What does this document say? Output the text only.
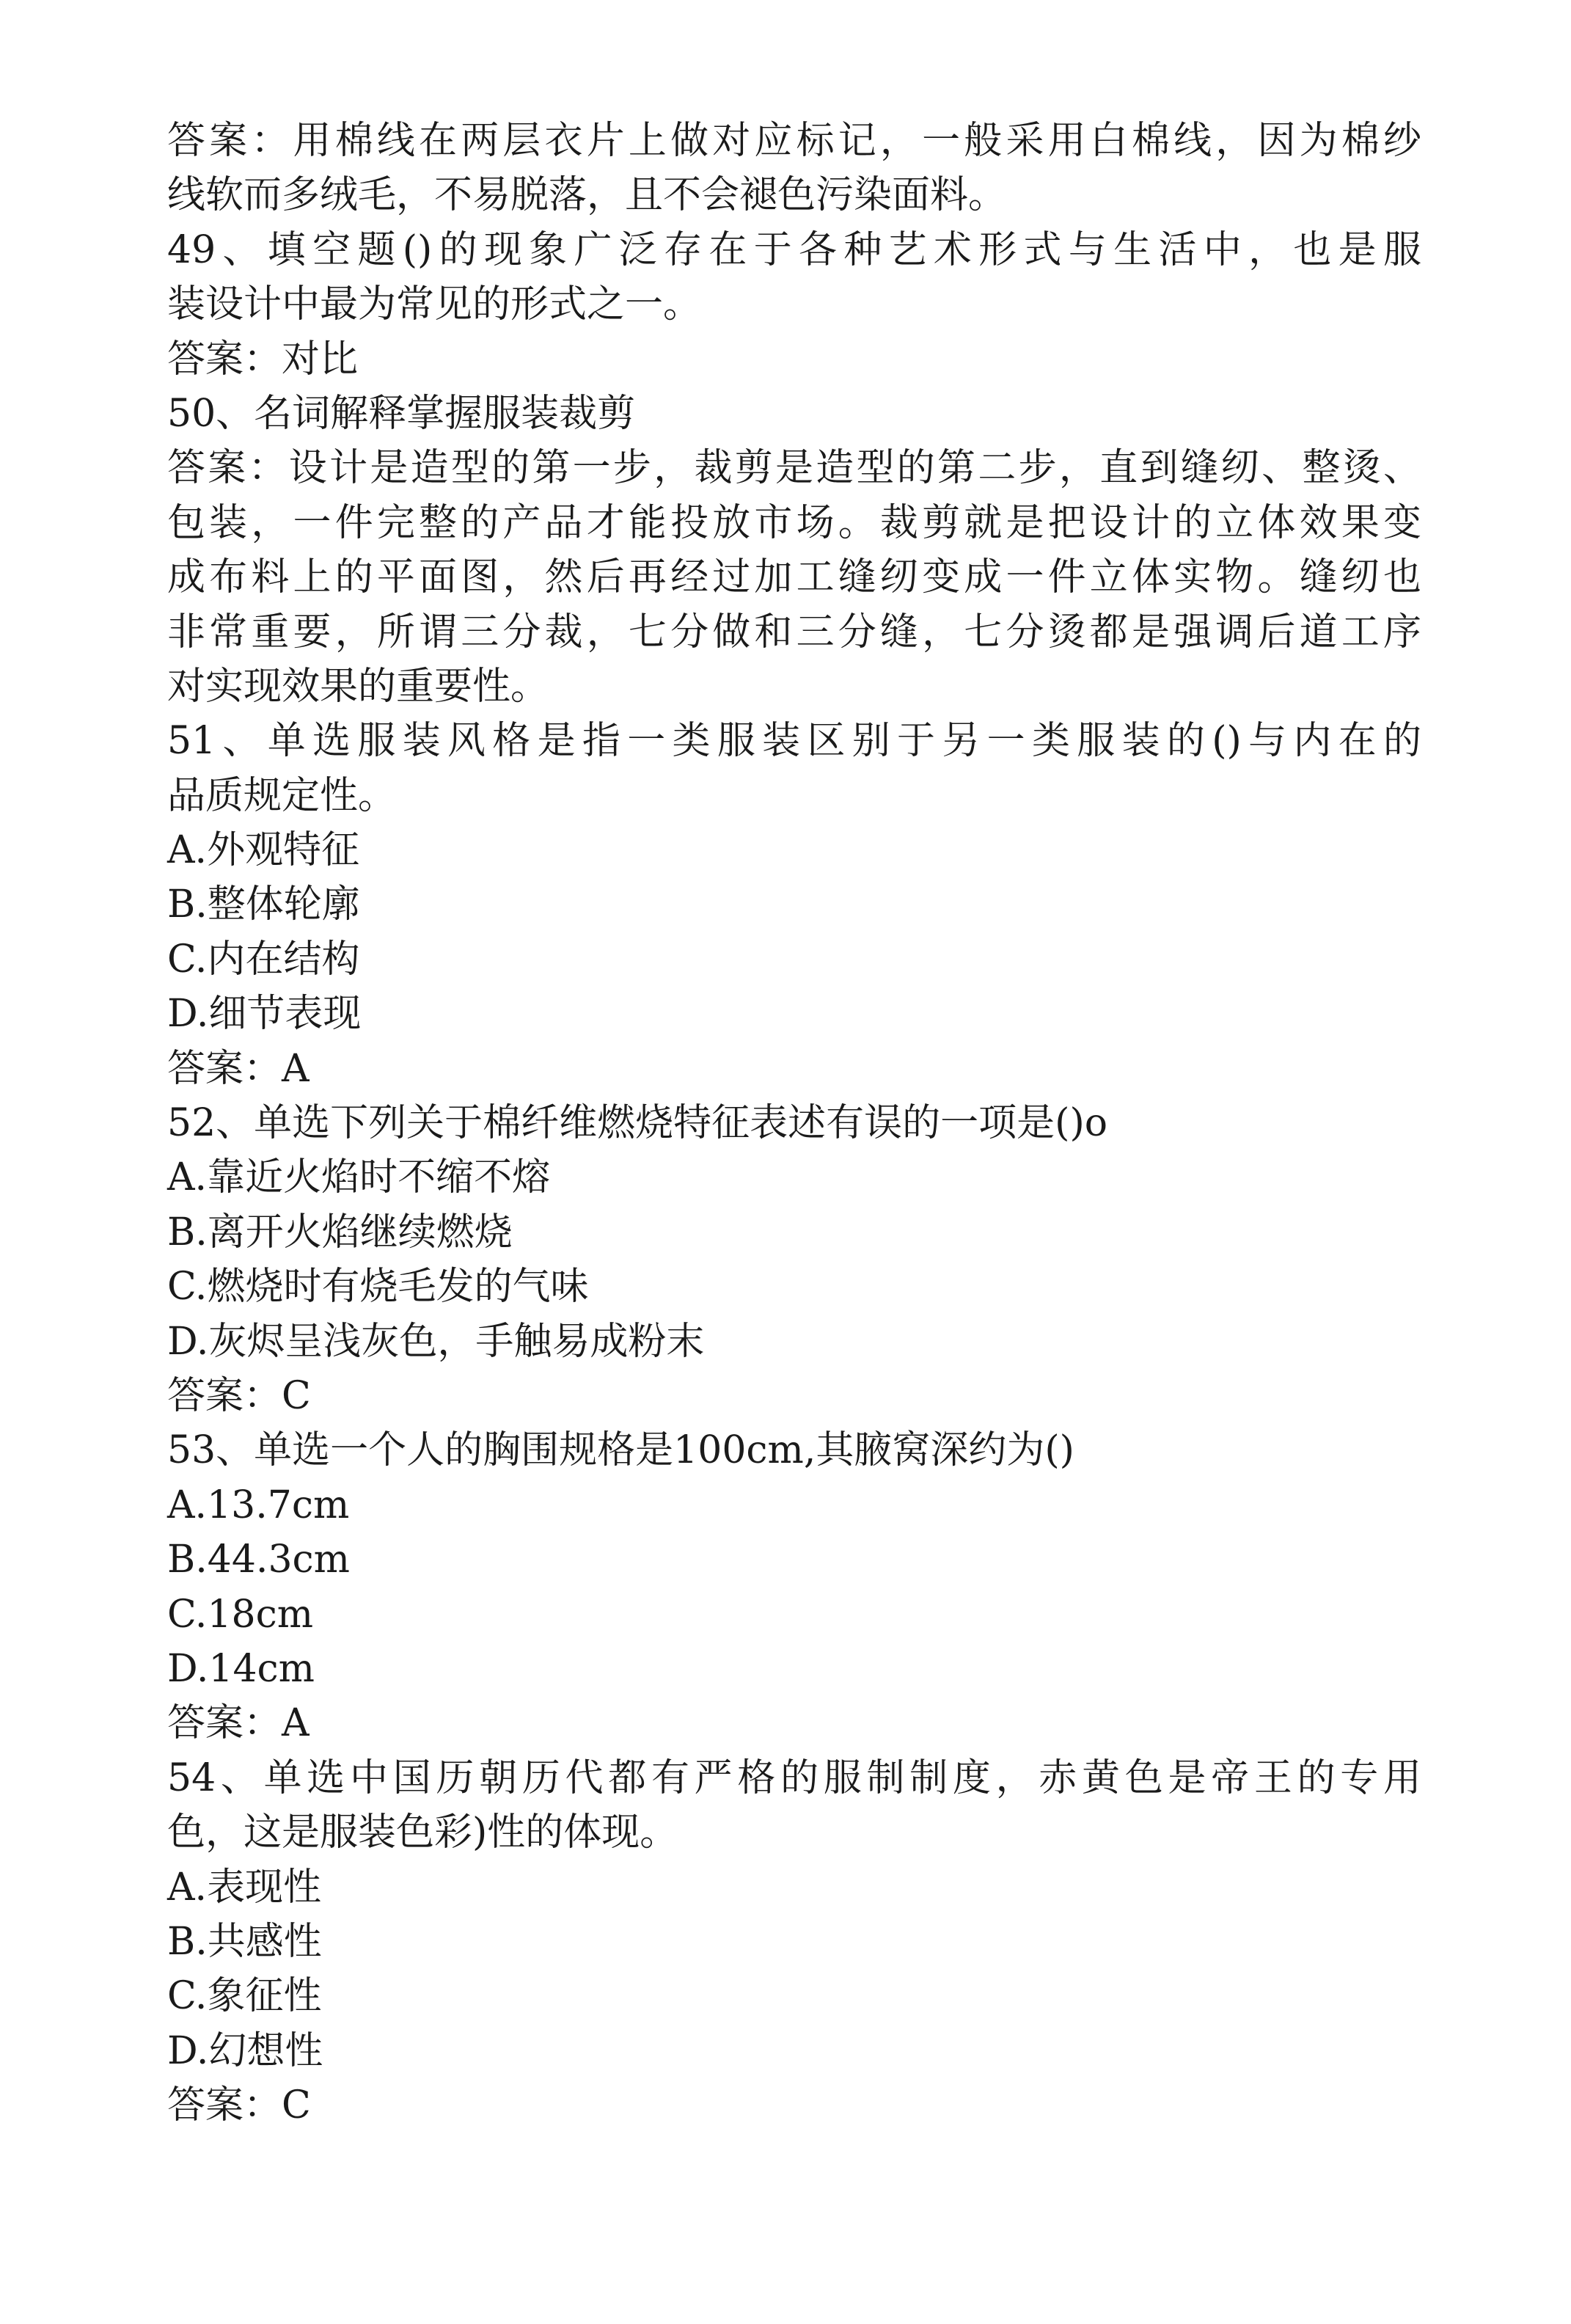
答案：用棉线在两层衣片上做对应标记，一般采用白棉线，因为棉纱
线软而多绒毛，不易脱落，且不会褪色污染面料。
49、填空题()的现象广泛存在于各种艺术形式与生活中，也是服
装设计中最为常见的形式之一。
答案：对比
50、名词解释掌握服装裁剪
答案：设计是造型的第一步，裁剪是造型的第二步，直到缝纫、整烫、
包装，一件完整的产品才能投放市场。裁剪就是把设计的立体效果变
成布料上的平面图，然后再经过加工缝纫变成一件立体实物。缝纫也
非常重要，所谓三分裁，七分做和三分缝，七分烫都是强调后道工序
对实现效果的重要性。
51、单选服装风格是指一类服装区别于另一类服装的()与内在的
品质规定性。
A.外观特征
B.整体轮廓
C.内在结构
D.细节表现
答案：A
52、单选下列关于棉纤维燃烧特征表述有误的一项是()o
A.靠近火焰时不缩不熔
B.离开火焰继续燃烧
C.燃烧时有烧毛发的气味
D.灰烬呈浅灰色，手触易成粉末
答案：C
53、单选一个人的胸围规格是100cm,其腋窝深约为()
A.13.7cm
B.44.3cm
C.18cm
D.14cm
答案：A
54、单选中国历朝历代都有严格的服制制度，赤黄色是帝王的专用
色，这是服装色彩)性的体现。
A.表现性
B.共感性
C.象征性
D.幻想性
答案：C
